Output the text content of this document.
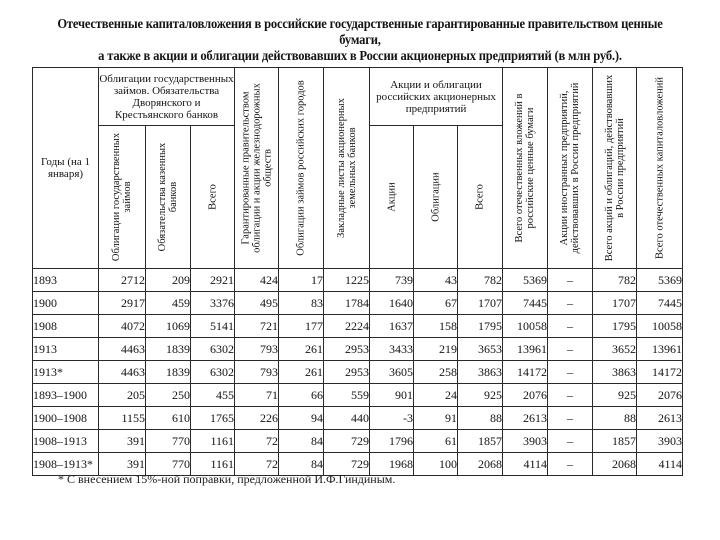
Отечественные капиталовложения в российские государственные гарантированные правительством ценные бумаги,
а также в акции и облигации действовавших в России акционерных предприятий (в млн руб.).
Годы (на 1 января)	Облигации государственных займов. Обязательства Дворянского и Крестьянского банков			Гарантированные правительством облигации и акции железнодорожных обществ	Облигации займов российских городов	Закладные листы акционерных земельных банков	Акции и облигации российских акционерных предприятий			Всего отечественных вложений в российские ценные бумаги	Акции иностранных предприятий, действовавших в России предприятий	Всего акций и облигаций, действовавших в России предприятий	Всего отечественных капиталовложений

	Облигации государственных займов	Обязательства казенных банков	Всего				Акции	Облигации	Всего				

1893	2712	209	2921	424	17	1225	739	43	782	5369	–	782	5369
1900	2917	459	3376	495	83	1784	1640	67	1707	7445	–	1707	7445
1908	4072	1069	5141	721	177	2224	1637	158	1795	10058	–	1795	10058
1913	4463	1839	6302	793	261	2953	3433	219	3653	13961	–	3652	13961
1913*	4463	1839	6302	793	261	2953	3605	258	3863	14172	–	3863	14172
1893–1900	205	250	455	71	66	559	901	24	925	2076	–	925	2076
1900–1908	1155	610	1765	226	94	440	-3	91	88	2613	–	88	2613
1908–1913	391	770	1161	72	84	729	1796	61	1857	3903	–	1857	3903
1908–1913*	391	770	1161	72	84	729	1968	100	2068	4114	–	2068	4114
* С внесением 15%-ной поправки, предложенной И.Ф.Гиндиным.
